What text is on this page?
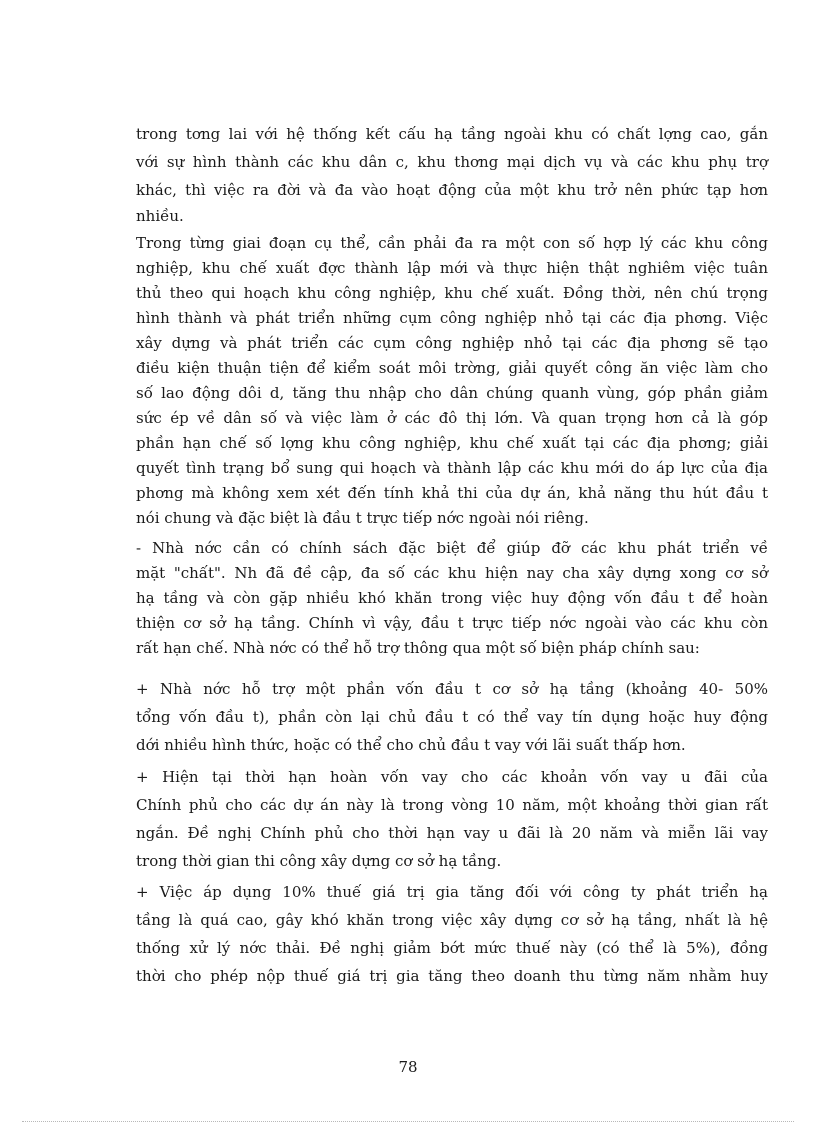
trong tơng lai với hệ thống kết cấu hạ tầng ngoài khu có chất lợng cao, gắn
với sự hình thành các khu dân c, khu thơng mại dịch vụ và các khu phụ trợ
khác, thì việc ra đời và đa vào hoạt động của một khu trở nên phức tạp hơn
nhiều.
Trong từng giai đoạn cụ thể, cần phải đa ra một con số hợp lý các khu công
nghiệp, khu chế xuất đợc thành lập mới và thực hiện thật nghiêm việc tuân
thủ theo qui hoạch khu công nghiệp, khu chế xuất. Đồng thời, nên chú trọng
hình thành và phát triển những cụm công nghiệp nhỏ tại các địa phơng. Việc
xây dựng và phát triển các cụm công nghiệp nhỏ tại các địa phơng sẽ tạo
điều kiện thuận tiện để kiểm soát môi trờng, giải quyết công ăn việc làm cho
số lao động dôi d, tăng thu nhập cho dân chúng quanh vùng, góp phần giảm
sức ép về dân số và việc làm ở các đô thị lớn. Và quan trọng hơn cả là góp
phần hạn chế số lợng khu công nghiệp, khu chế xuất tại các địa phơng; giải
quyết tình trạng bổ sung qui hoạch và thành lập các khu mới do áp lực của địa
phơng mà không xem xét đến tính khả thi của dự án, khả năng thu hút đầu t
nói chung và đặc biệt là đầu t trực tiếp nớc ngoài nói riêng.
- Nhà nớc cần có chính sách đặc biệt để giúp đỡ các khu phát triển về
mặt "chất". Nh đã đề cập, đa số các khu hiện nay cha xây dựng xong cơ sở
hạ tầng và còn gặp nhiều khó khăn trong việc huy động vốn đầu t để hoàn
thiện cơ sở hạ tầng. Chính vì vậy, đầu t trực tiếp nớc ngoài vào các khu còn
rất hạn chế. Nhà nớc có thể hỗ trợ thông qua một số biện pháp chính sau:
+ Nhà nớc hỗ trợ một phần vốn đầu t cơ sở hạ tầng (khoảng 40- 50%
tổng vốn đầu t), phần còn lại chủ đầu t có thể vay tín dụng hoặc huy động
dới nhiều hình thức, hoặc có thể cho chủ đầu t vay với lãi suất thấp hơn.
+ Hiện tại thời hạn hoàn vốn vay cho các khoản vốn vay u đãi của
Chính phủ cho các dự án này là trong vòng 10 năm, một khoảng thời gian rất
ngắn. Đề nghị Chính phủ cho thời hạn vay u đãi là 20 năm và miễn lãi vay
trong thời gian thi công xây dựng cơ sở hạ tầng.
+ Việc áp dụng 10% thuế giá trị gia tăng đối với công ty phát triển hạ
tầng là quá cao, gây khó khăn trong việc xây dựng cơ sở hạ tầng, nhất là hệ
thống xử lý nớc thải. Đề nghị giảm bớt mức thuế này (có thể là 5%), đồng
thời cho phép nộp thuế giá trị gia tăng theo doanh thu từng năm nhằm huy
78
